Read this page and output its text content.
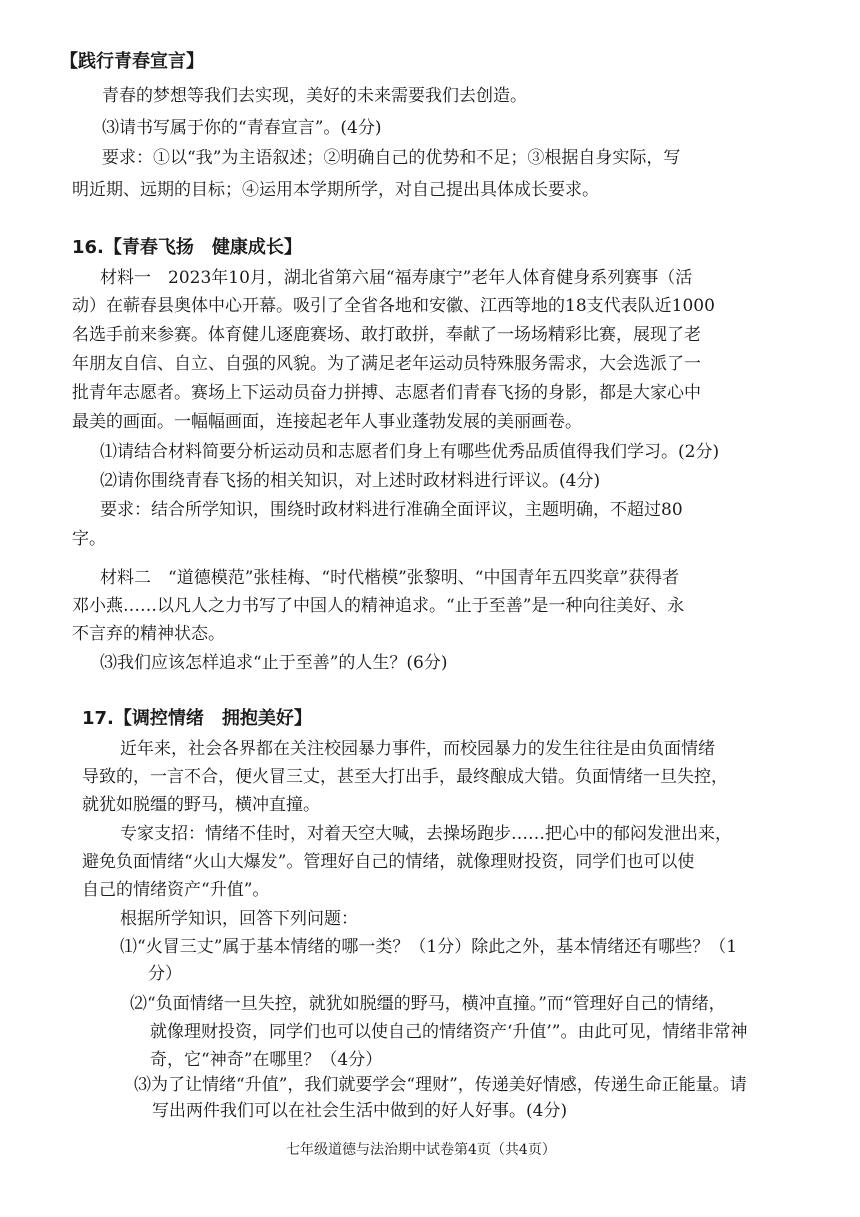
【践行青春宣言】
青春的梦想等我们去实现，美好的未来需要我们去创造。
⑶请书写属于你的“青春宣言”。(4分)
要求：①以“我”为主语叙述；②明确自己的优势和不足；③根据自身实际，写
明近期、远期的目标；④运用本学期所学，对自己提出具体成长要求。
16.【青春飞扬　健康成长】
材料一　2023年10月，湖北省第六届“福寿康宁”老年人体育健身系列赛事（活
动）在蕲春县奥体中心开幕。吸引了全省各地和安徽、江西等地的18支代表队近1000
名选手前来参赛。体育健儿逐鹿赛场、敢打敢拼，奉献了一场场精彩比赛，展现了老
年朋友自信、自立、自强的风貌。为了满足老年运动员特殊服务需求，大会选派了一
批青年志愿者。赛场上下运动员奋力拼搏、志愿者们青春飞扬的身影，都是大家心中
最美的画面。一幅幅画面，连接起老年人事业蓬勃发展的美丽画卷。
⑴请结合材料简要分析运动员和志愿者们身上有哪些优秀品质值得我们学习。(2分)
⑵请你围绕青春飞扬的相关知识，对上述时政材料进行评议。(4分)
要求：结合所学知识，围绕时政材料进行准确全面评议，主题明确，不超过80
字。
材料二　“道德模范”张桂梅、“时代楷模”张黎明、“中国青年五四奖章”获得者
邓小燕……以凡人之力书写了中国人的精神追求。“止于至善”是一种向往美好、永
不言弃的精神状态。
⑶我们应该怎样追求“止于至善”的人生？(6分)
17.【调控情绪　拥抱美好】
近年来，社会各界都在关注校园暴力事件，而校园暴力的发生往往是由负面情绪
导致的，一言不合，便火冒三丈，甚至大打出手，最终酿成大错。负面情绪一旦失控，
就犹如脱缰的野马，横冲直撞。
专家支招：情绪不佳时，对着天空大喊，去操场跑步……把心中的郁闷发泄出来，
避免负面情绪“火山大爆发”。管理好自己的情绪，就像理财投资，同学们也可以使
自己的情绪资产“升值”。
根据所学知识，回答下列问题：
⑴“火冒三丈”属于基本情绪的哪一类？（1分）除此之外，基本情绪还有哪些？（1
分）
⑵“负面情绪一旦失控，就犹如脱缰的野马，横冲直撞。”而“管理好自己的情绪，
就像理财投资，同学们也可以使自己的情绪资产‘升值’”。由此可见，情绪非常神
奇，它“神奇”在哪里？（4分）
⑶为了让情绪“升值”，我们就要学会“理财”，传递美好情感，传递生命正能量。请
写出两件我们可以在社会生活中做到的好人好事。(4分)
七年级道德与法治期中试卷第4页（共4页）
